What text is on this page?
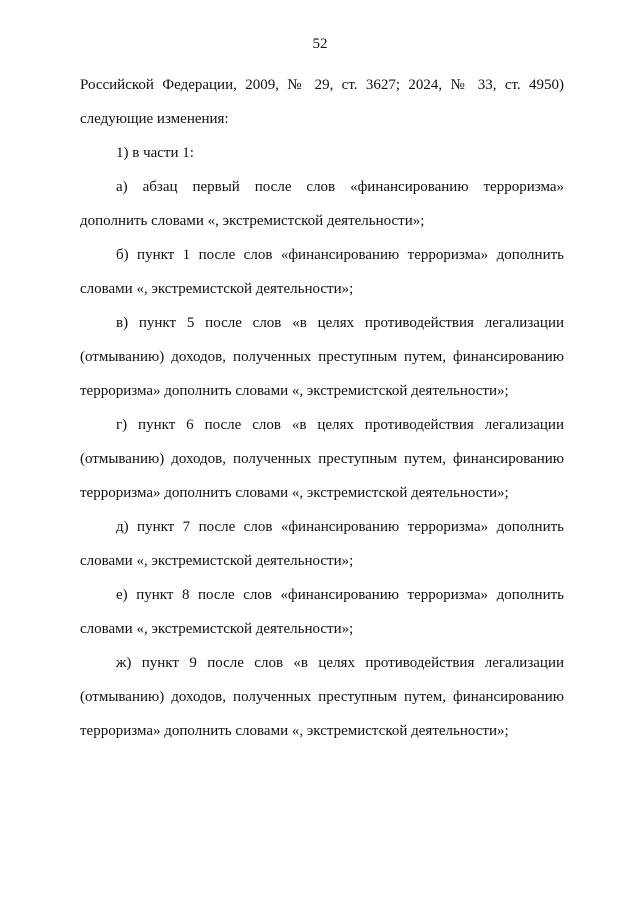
52

Российской Федерации, 2009, № 29, ст. 3627; 2024, № 33, ст. 4950) следующие изменения:

1) в части 1:

а) абзац первый после слов «финансированию терроризма» дополнить словами «, экстремистской деятельности»;

б) пункт 1 после слов «финансированию терроризма» дополнить словами «, экстремистской деятельности»;

в) пункт 5 после слов «в целях противодействия легализации (отмыванию) доходов, полученных преступным путем, финансированию терроризма» дополнить словами «, экстремистской деятельности»;

г) пункт 6 после слов «в целях противодействия легализации (отмыванию) доходов, полученных преступным путем, финансированию терроризма» дополнить словами «, экстремистской деятельности»;

д) пункт 7 после слов «финансированию терроризма» дополнить словами «, экстремистской деятельности»;

е) пункт 8 после слов «финансированию терроризма» дополнить словами «, экстремистской деятельности»;

ж) пункт 9 после слов «в целях противодействия легализации (отмыванию) доходов, полученных преступным путем, финансированию терроризма» дополнить словами «, экстремистской деятельности»;
